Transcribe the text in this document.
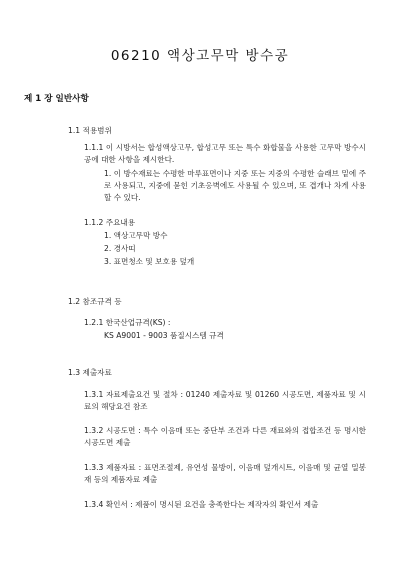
06210 액상고무막 방수공
제 1 장 일반사항
1.1 적용범위
1.1.1 이 시방서는 합성액상고무, 합성고무 또는 특수 화합물을 사용한 고무막 방수시공에 대한 사항을 제시한다.
1. 이 방수재료는 수평한 마루표면이나 지중 또는 지중의 수평한 슬래브 밑에 주로 사용되고, 지중에 묻힌 기초옹벽에도 사용될 수 있으며, 또 겹개나 차게 사용할 수 있다.
1.1.2 주요내용
1. 액상고무막 방수
2. 경사띠
3. 표면청소 및 보호용 덮개
1.2 참조규격 등
1.2.1 한국산업규격(KS) :
KS A9001 - 9003 품질시스템 규격
1.3 제출자료
1.3.1 자료제출요건 및 절차 : 01240 제출자료 및 01260 시공도면, 제품자료 및 시료의 해당요건 참조
1.3.2 시공도면 : 특수 이음매 또는 중단부 조건과 다른 재료와의 접합조건 등 명시한 시공도면 제출
1.3.3 제품자료 : 표면조절제, 유연성 물방이, 이음매 덮개시트, 이음매 및 균열 밀봉재 등의 제품자료 제출
1.3.4 확인서 : 제품이 명시된 요건을 충족한다는 제작자의 확인서 제출
